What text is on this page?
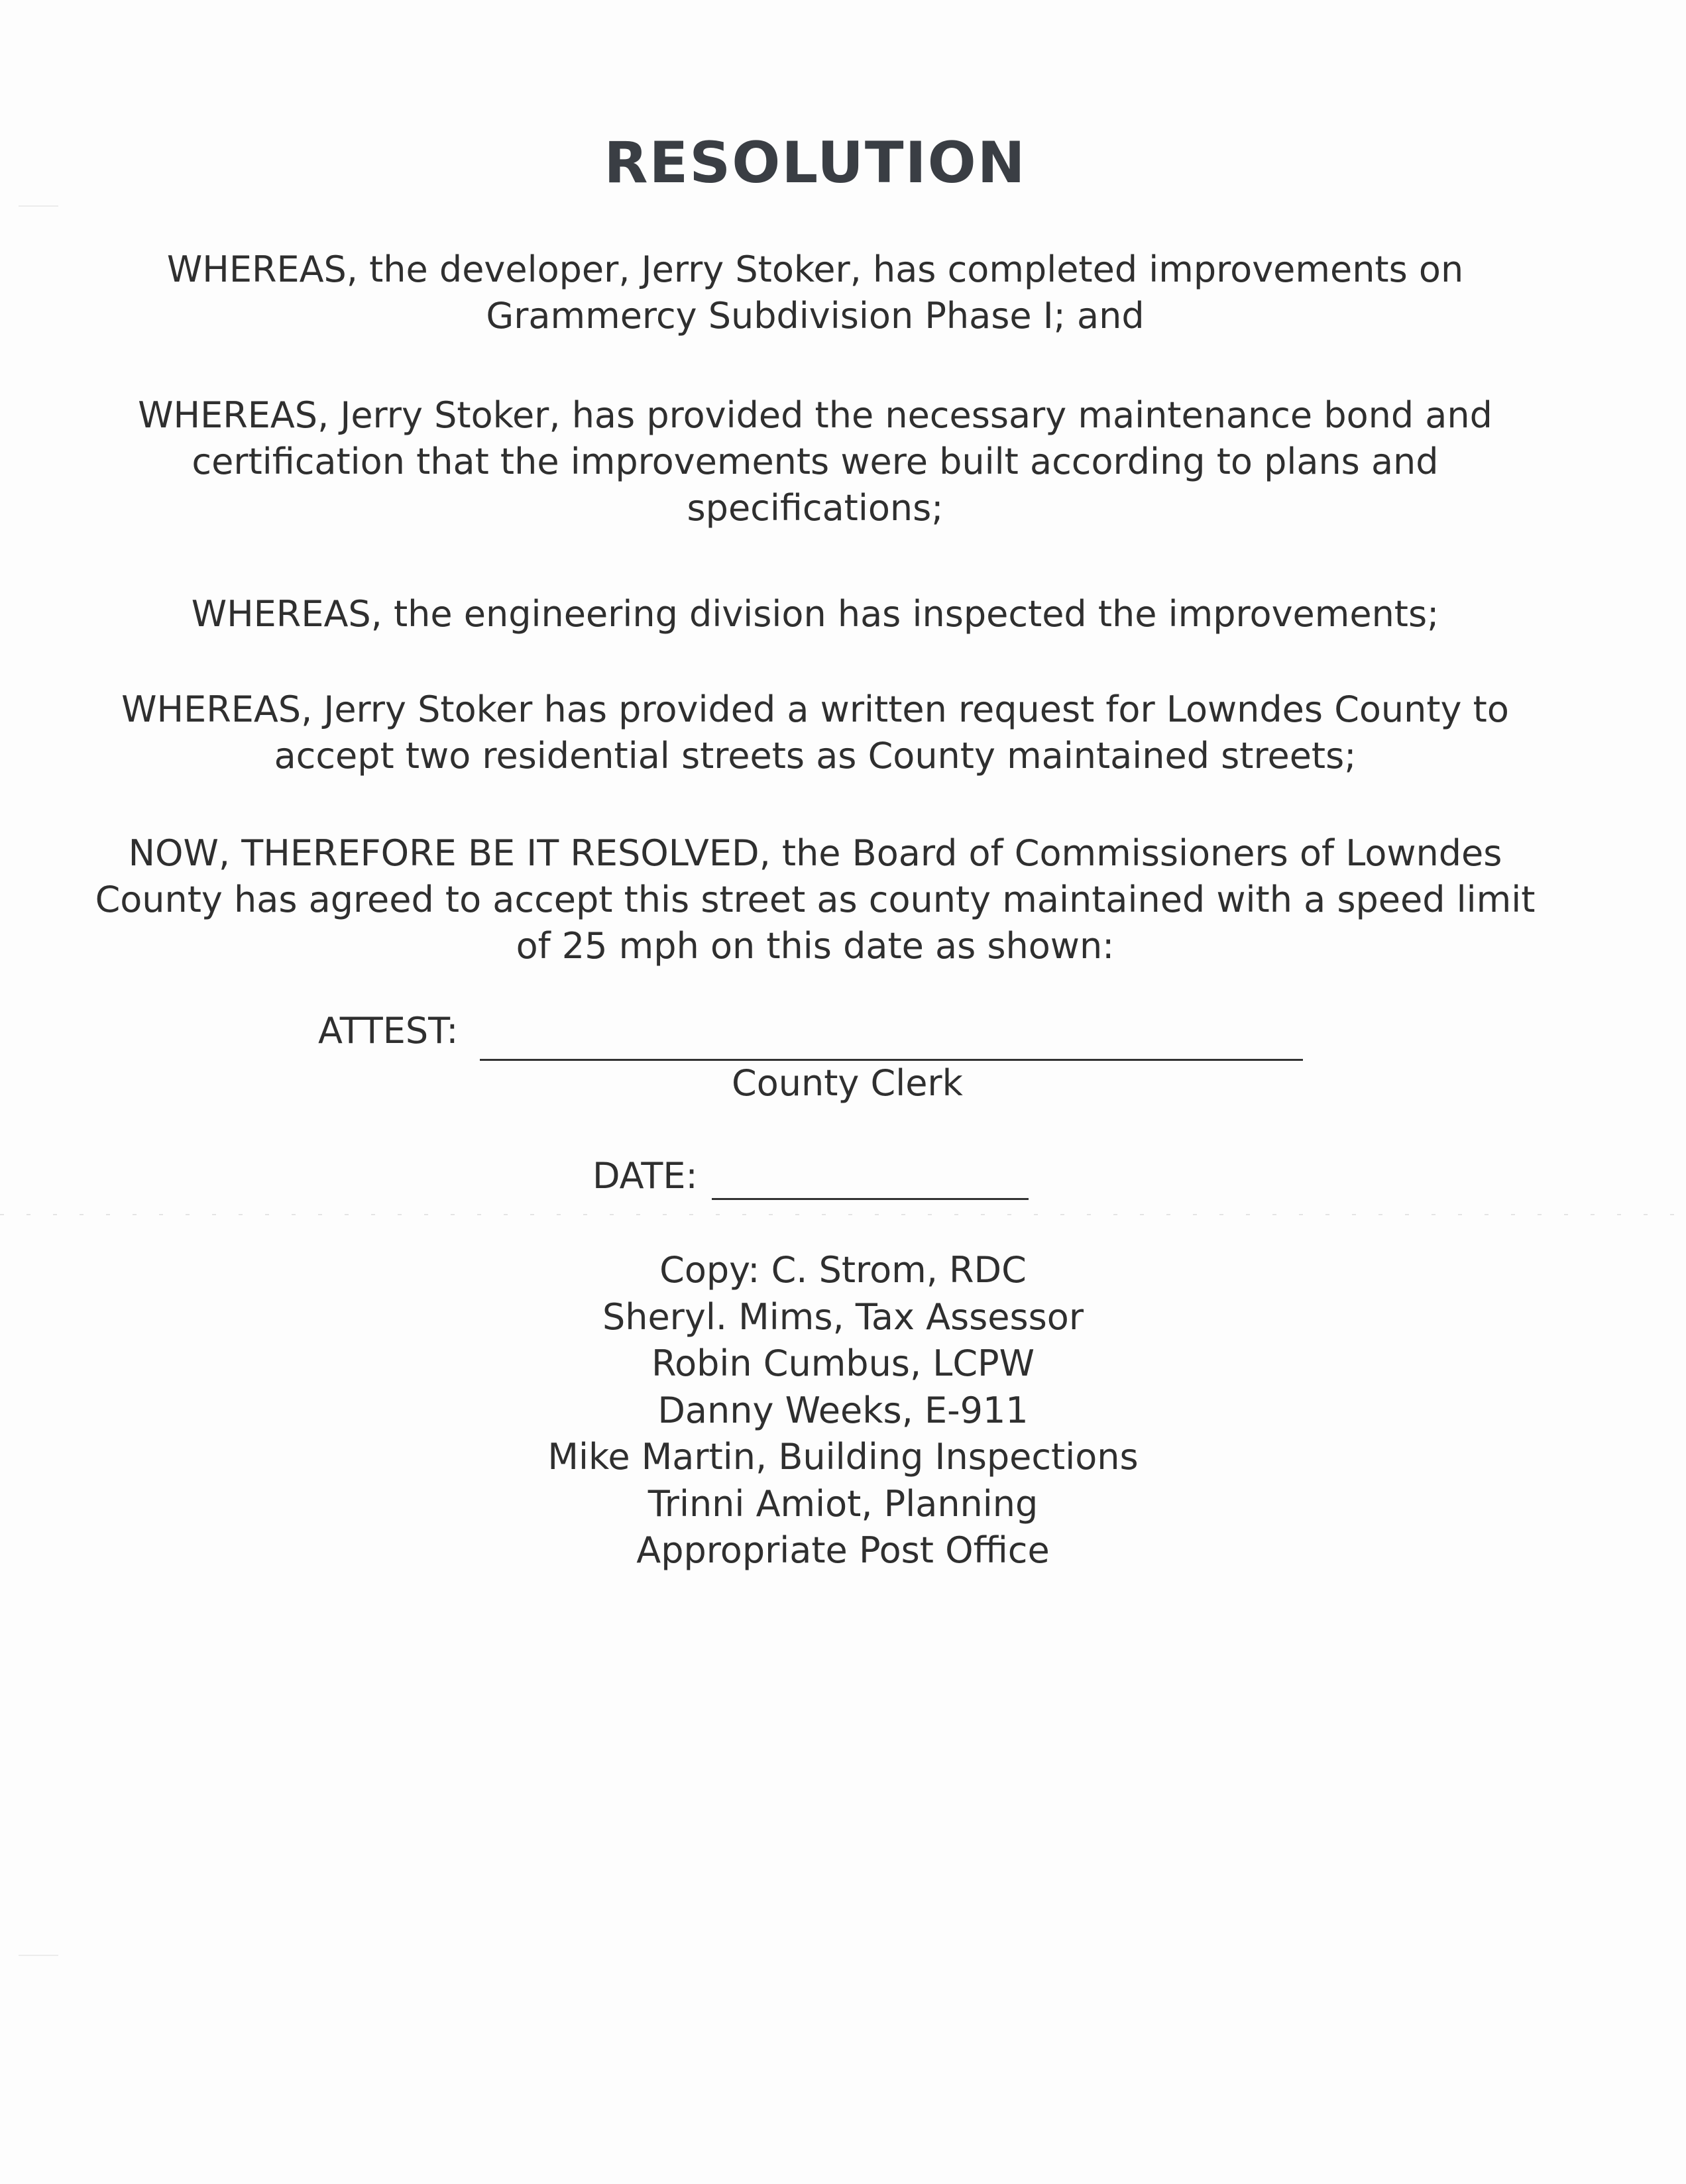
RESOLUTION
WHEREAS, the developer, Jerry Stoker, has completed improvements on
Grammercy Subdivision Phase I; and
WHEREAS, Jerry Stoker, has provided the necessary maintenance bond and
certification that the improvements were built according to plans and
specifications;
WHEREAS, the engineering division has inspected the improvements;
WHEREAS, Jerry Stoker has provided a written request for Lowndes County to
accept two residential streets as County maintained streets;
NOW, THEREFORE BE IT RESOLVED, the Board of Commissioners of Lowndes
County has agreed to accept this street as county maintained with a speed limit
of 25 mph on this date as shown:
ATTEST:
County Clerk
DATE:
Copy: C. Strom, RDC
Sheryl. Mims, Tax Assessor
Robin Cumbus, LCPW
Danny Weeks, E-911
Mike Martin, Building Inspections
Trinni Amiot, Planning
Appropriate Post Office
